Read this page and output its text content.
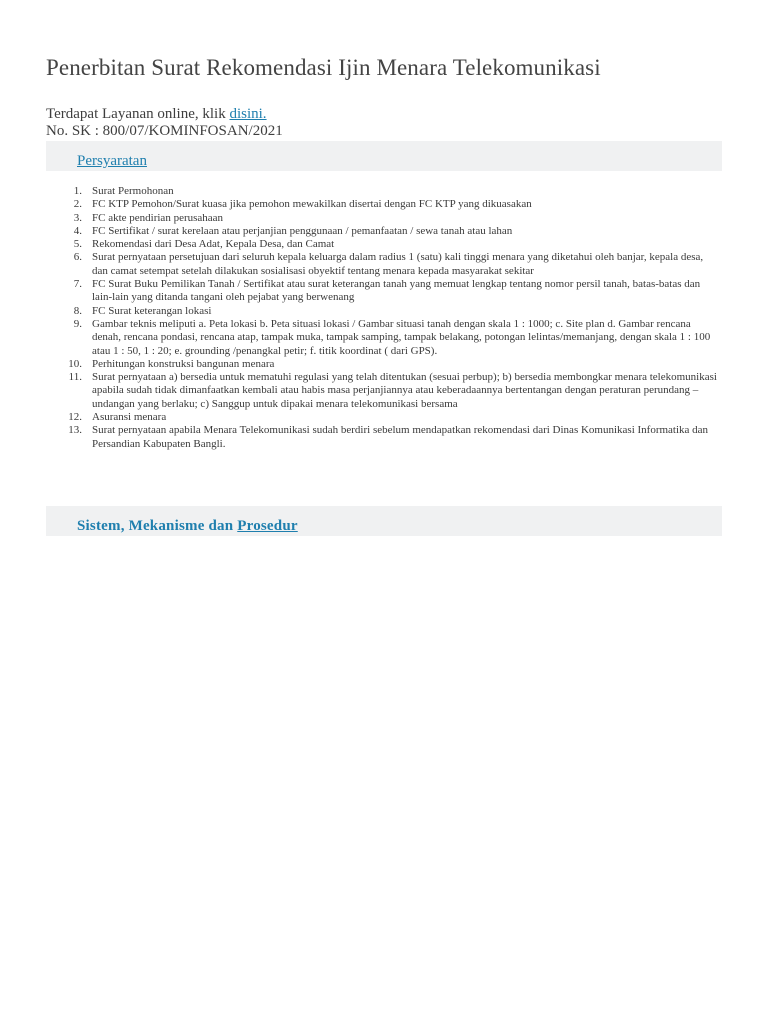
Penerbitan Surat Rekomendasi Ijin Menara Telekomunikasi
Terdapat Layanan online, klik disini.
No. SK : 800/07/KOMINFOSAN/2021
Persyaratan
1. Surat Permohonan
2. FC KTP Pemohon/Surat kuasa jika pemohon mewakilkan disertai dengan FC KTP yang dikuasakan
3. FC akte pendirian perusahaan
4. FC Sertifikat / surat kerelaan atau perjanjian penggunaan / pemanfaatan / sewa tanah atau lahan
5. Rekomendasi dari Desa Adat, Kepala Desa, dan Camat
6. Surat pernyataan persetujuan dari seluruh kepala keluarga dalam radius 1 (satu) kali tinggi menara yang diketahui oleh banjar, kepala desa, dan camat setempat setelah dilakukan sosialisasi obyektif tentang menara kepada masyarakat sekitar
7. FC Surat Buku Pemilikan Tanah / Sertifikat atau surat keterangan tanah yang memuat lengkap tentang nomor persil tanah, batas-batas dan lain-lain yang ditanda tangani oleh pejabat yang berwenang
8. FC Surat keterangan lokasi
9. Gambar teknis meliputi a. Peta lokasi b. Peta situasi lokasi / Gambar situasi tanah dengan skala 1 : 1000; c. Site plan d. Gambar rencana denah, rencana pondasi, rencana atap, tampak muka, tampak samping, tampak belakang, potongan lelintas/memanjang, dengan skala 1 : 100 atau 1 : 50, 1 : 20; e. grounding /penangkal petir; f. titik koordinat ( dari GPS).
10. Perhitungan konstruksi bangunan menara
11. Surat pernyataan a) bersedia untuk mematuhi regulasi yang telah ditentukan (sesuai perbup); b) bersedia membongkar menara telekomunikasi apabila sudah tidak dimanfaatkan kembali atau habis masa perjanjiannya atau keberadaannya bertentangan dengan peraturan perundang – undangan yang berlaku; c) Sanggup untuk dipakai menara telekomunikasi bersama
12. Asuransi menara
13. Surat pernyataan apabila Menara Telekomunikasi sudah berdiri sebelum mendapatkan rekomendasi dari Dinas Komunikasi Informatika dan Persandian Kabupaten Bangli.
Sistem, Mekanisme dan Prosedur
